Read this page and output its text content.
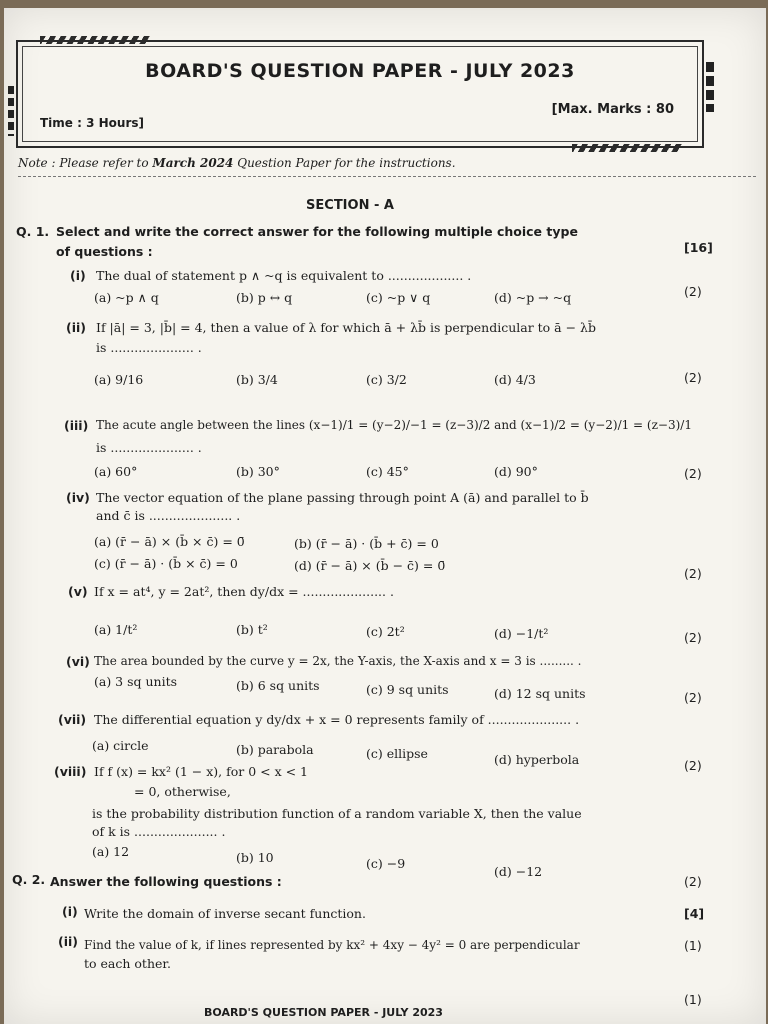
BOARD'S QUESTION PAPER - JULY 2023
Time : 3 Hours]
[Max. Marks : 80
Note : Please refer to March 2024 Question Paper for the instructions.
SECTION - A
Q. 1. Select and write the correct answer for the following multiple choice type
of questions :	[16]
(i) The dual of statement p ∧ ~q is equivalent to ................... .
(a) ~p ∧ q	(b) p ↔ q	(c) ~p ∨ q	(d) ~p → ~q	(2)
(ii) If |ā| = 3, |b̄| = 4, then a value of λ for which ā + λb̄ is perpendicular to ā − λb̄
is ..................... .
(a) 9/16	(b) 3/4	(c) 3/2	(d) 4/3	(2)
(iii) The acute angle between the lines (x−1)/1 = (y−2)/−1 = (z−3)/2 and (x−1)/2 = (y−2)/1 = (z−3)/1
is ..................... .
(a) 60°	(b) 30°	(c) 45°	(d) 90°	(2)
(iv) The vector equation of the plane passing through point A (ā) and parallel to b̄
and c̄ is ..................... .
(a) (r̄ − ā) × (b̄ × c̄) = 0̄	(b) (r̄ − ā) · (b̄ + c̄) = 0
(c) (r̄ − ā) · (b̄ × c̄) = 0	(d) (r̄ − ā) × (b̄ − c̄) = 0̄
(2)
(v) If x = at⁴, y = 2at², then dy/dx = ..................... .
(a) 1/t²	(b) t²	(c) 2t²	(d) −1/t²	(2)
(vi) The area bounded by the curve y = 2x, the Y-axis, the X-axis and x = 3 is ......... .
(a) 3 sq units	(b) 6 sq units	(c) 9 sq units	(d) 12 sq units	(2)
(vii) The differential equation y dy/dx + x = 0 represents family of ..................... .
(a) circle	(b) parabola	(c) ellipse	(d) hyperbola	(2)
(viii) If f (x) = kx² (1 − x), for 0 < x < 1
= 0, otherwise,
is the probability distribution function of a random variable X, then the value
of k is ..................... .
(a) 12	(b) 10	(c) −9
(d) −12
(2)
Q. 2. Answer the following questions :
[4]
(i) Write the domain of inverse secant function.
(1)
(ii) Find the value of k, if lines represented by kx² + 4xy − 4y² = 0 are perpendicular
to each other.
(1)
BOARD'S QUESTION PAPER - JULY 2023
